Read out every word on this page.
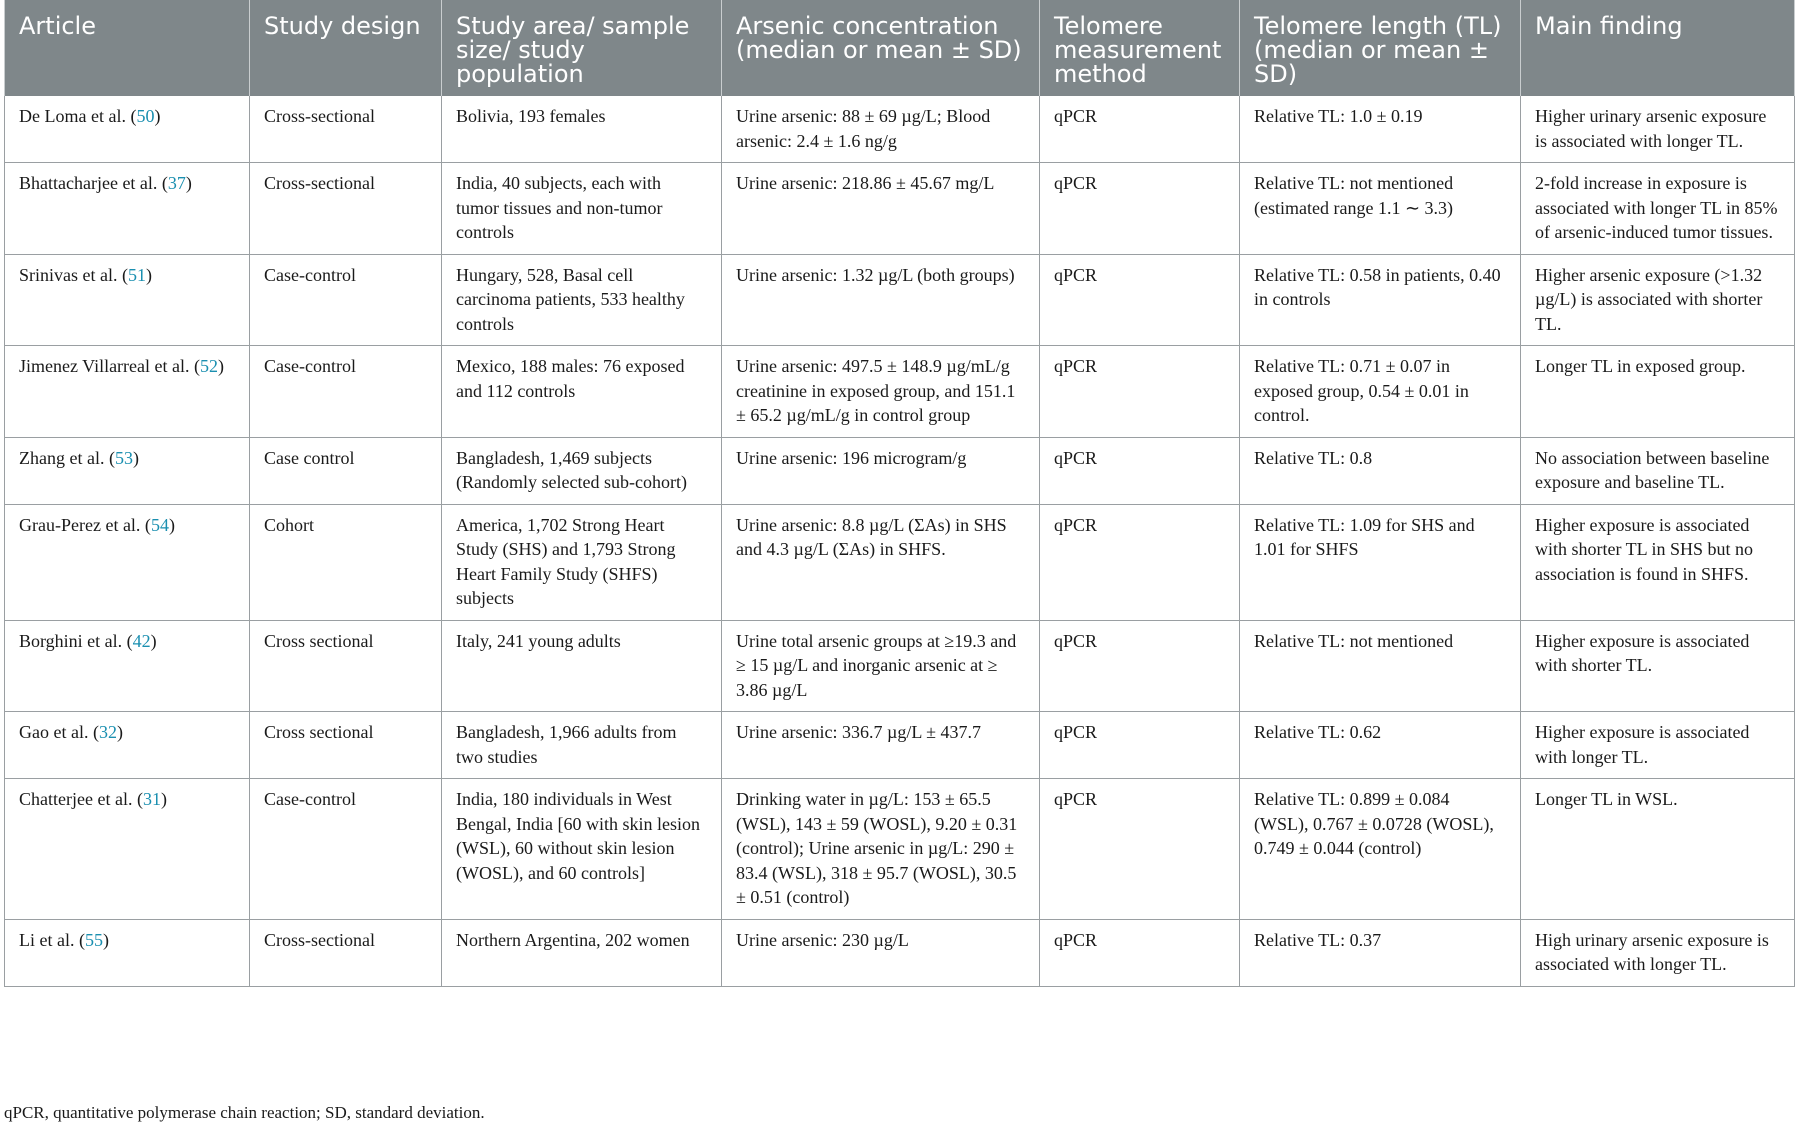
Article	Study design	Study area/ sample size/ study population	Arsenic concentration (median or mean ± SD)	Telomere measurement method	Telomere length (TL) (median or mean ± SD)	Main finding
De Loma et al. (50)	Cross-sectional	Bolivia, 193 females	Urine arsenic: 88 ± 69 µg/L; Blood arsenic: 2.4 ± 1.6 ng/g	qPCR	Relative TL: 1.0 ± 0.19	Higher urinary arsenic exposure is associated with longer TL.
Bhattacharjee et al. (37)	Cross-sectional	India, 40 subjects, each with tumor tissues and non-tumor controls	Urine arsenic: 218.86 ± 45.67 mg/L	qPCR	Relative TL: not mentioned (estimated range 1.1 ∼ 3.3)	2-fold increase in exposure is associated with longer TL in 85% of arsenic-induced tumor tissues.
Srinivas et al. (51)	Case-control	Hungary, 528, Basal cell carcinoma patients, 533 healthy controls	Urine arsenic: 1.32 µg/L (both groups)	qPCR	Relative TL: 0.58 in patients, 0.40 in controls	Higher arsenic exposure (>1.32 µg/L) is associated with shorter TL.
Jimenez Villarreal et al. (52)	Case-control	Mexico, 188 males: 76 exposed and 112 controls	Urine arsenic: 497.5 ± 148.9 µg/mL/g creatinine in exposed group, and 151.1 ± 65.2 µg/mL/g in control group	qPCR	Relative TL: 0.71 ± 0.07 in exposed group, 0.54 ± 0.01 in control.	Longer TL in exposed group.
Zhang et al. (53)	Case control	Bangladesh, 1,469 subjects (Randomly selected sub-cohort)	Urine arsenic: 196 microgram/g	qPCR	Relative TL: 0.8	No association between baseline exposure and baseline TL.
Grau-Perez et al. (54)	Cohort	America, 1,702 Strong Heart Study (SHS) and 1,793 Strong Heart Family Study (SHFS) subjects	Urine arsenic: 8.8 µg/L (ΣAs) in SHS and 4.3 µg/L (ΣAs) in SHFS.	qPCR	Relative TL: 1.09 for SHS and 1.01 for SHFS	Higher exposure is associated with shorter TL in SHS but no association is found in SHFS.
Borghini et al. (42)	Cross sectional	Italy, 241 young adults	Urine total arsenic groups at ≥19.3 and ≥ 15 µg/L and inorganic arsenic at ≥ 3.86 µg/L	qPCR	Relative TL: not mentioned	Higher exposure is associated with shorter TL.
Gao et al. (32)	Cross sectional	Bangladesh, 1,966 adults from two studies	Urine arsenic: 336.7 µg/L ± 437.7	qPCR	Relative TL: 0.62	Higher exposure is associated with longer TL.
Chatterjee et al. (31)	Case-control	India, 180 individuals in West Bengal, India [60 with skin lesion (WSL), 60 without skin lesion (WOSL), and 60 controls]	Drinking water in µg/L: 153 ± 65.5 (WSL), 143 ± 59 (WOSL), 9.20 ± 0.31 (control); Urine arsenic in µg/L: 290 ± 83.4 (WSL), 318 ± 95.7 (WOSL), 30.5 ± 0.51 (control)	qPCR	Relative TL: 0.899 ± 0.084 (WSL), 0.767 ± 0.0728 (WOSL), 0.749 ± 0.044 (control)	Longer TL in WSL.
Li et al. (55)	Cross-sectional	Northern Argentina, 202 women	Urine arsenic: 230 µg/L	qPCR	Relative TL: 0.37	High urinary arsenic exposure is associated with longer TL.
qPCR, quantitative polymerase chain reaction; SD, standard deviation.
